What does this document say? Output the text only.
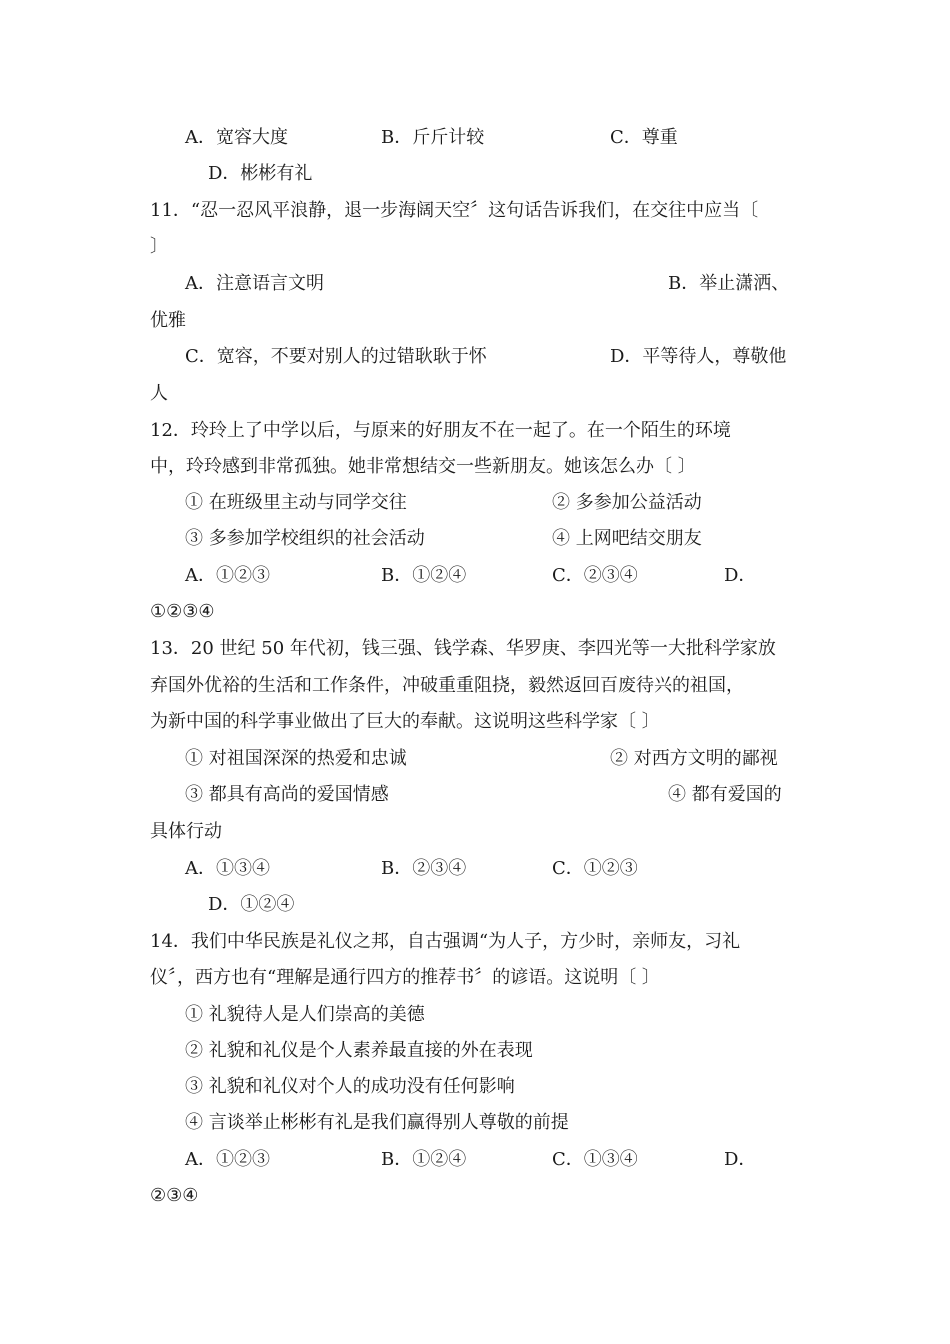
A．宽容大度	B．斤斤计较	C．尊重
D．彬彬有礼
11．“忍一忍风平浪静，退一步海阔天空〞这句话告诉我们，在交往中应当〔
〕
A．注意语言文明	B．举止潇洒、
优雅
C．宽容，不要对别人的过错耿耿于怀	D．平等待人，尊敬他
人
12．玲玲上了中学以后，与原来的好朋友不在一起了。在一个陌生的环境
中，玲玲感到非常孤独。她非常想结交一些新朋友。她该怎么办〔 〕
① 在班级里主动与同学交往	② 多参加公益活动
③ 多参加学校组织的社会活动	④ 上网吧结交朋友
A．①②③	B．①②④	C．②③④	D．
①②③④
13．20 世纪 50 年代初，钱三强、钱学森、华罗庚、李四光等一大批科学家放
弃国外优裕的生活和工作条件，冲破重重阻挠，毅然返回百废待兴的祖国，
为新中国的科学事业做出了巨大的奉献。这说明这些科学家〔 〕
① 对祖国深深的热爱和忠诚	② 对西方文明的鄙视
③ 都具有高尚的爱国情感	④ 都有爱国的
具体行动
A．①③④	B．②③④	C．①②③
D．①②④
14．我们中华民族是礼仪之邦，自古强调“为人子，方少时，亲师友，习礼
仪〞，西方也有“理解是通行四方的推荐书〞的谚语。这说明〔 〕
① 礼貌待人是人们崇高的美德
② 礼貌和礼仪是个人素养最直接的外在表现
③ 礼貌和礼仪对个人的成功没有任何影响
④ 言谈举止彬彬有礼是我们赢得别人尊敬的前提
A．①②③	B．①②④	C．①③④	D．
②③④
